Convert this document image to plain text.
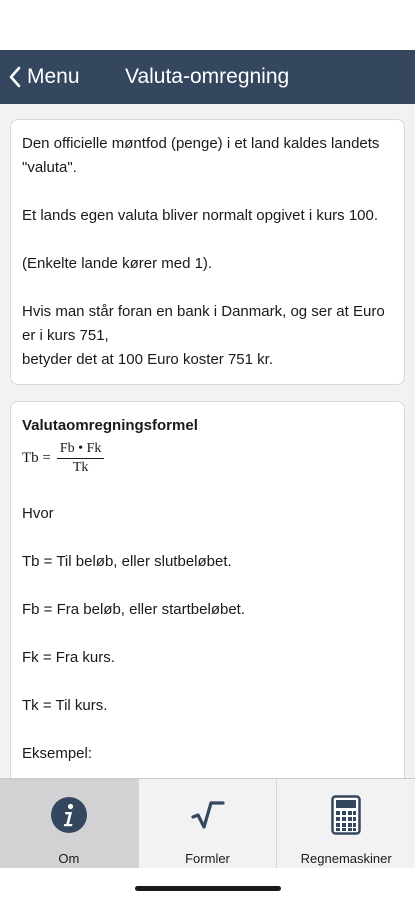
Menu Valuta-omregning

Den officielle møntfod (penge) i et land kaldes landets "valuta".

Et lands egen valuta bliver normalt opgivet i kurs 100.

(Enkelte lande kører med 1).

Hvis man står foran en bank i Danmark, og ser at Euro er i kurs 751,

betyder det at 100 Euro koster 751 kr.

Valutaomregningsformel
$Tb = \frac{Fb • Fk}{Tk}$

Hvor

Tb = Til beløb, eller slutbeløbet.

Fb = Fra beløb, eller startbeløbet.

Fk = Fra kurs.

Tk = Til kurs.

Eksempel:

Om	Formler	Regnemaskiner
